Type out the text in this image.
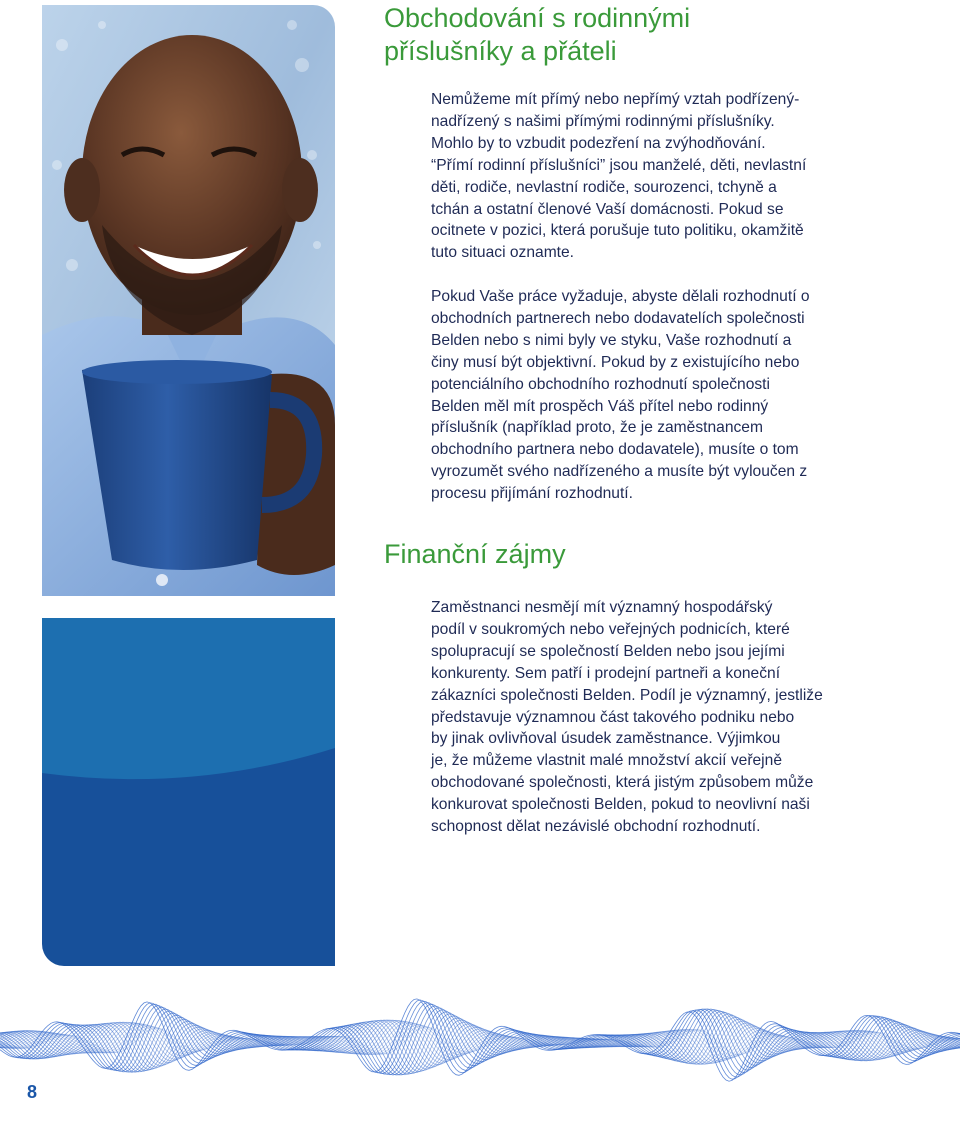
Obchodování s rodinnými
příslušníky a přáteli

Nemůžeme mít přímý nebo nepřímý vztah podřízený-
nadřízený s našimi přímými rodinnými příslušníky.
Mohlo by to vzbudit podezření na zvýhodňování.
“Přímí rodinní příslušníci” jsou manželé, děti, nevlastní
děti, rodiče, nevlastní rodiče, sourozenci, tchyně a
tchán a ostatní členové Vaší domácnosti. Pokud se
ocitnete v pozici, která porušuje tuto politiku, okamžitě
tuto situaci oznamte.

Pokud Vaše práce vyžaduje, abyste dělali rozhodnutí o
obchodních partnerech nebo dodavatelích společnosti
Belden nebo s nimi byly ve styku, Vaše rozhodnutí a
činy musí být objektivní. Pokud by z existujícího nebo
potenciálního obchodního rozhodnutí společnosti
Belden měl mít prospěch Váš přítel nebo rodinný
příslušník (například proto, že je zaměstnancem
obchodního partnera nebo dodavatele), musíte o tom
vyrozumět svého nadřízeného a musíte být vyloučen z
procesu přijímání rozhodnutí.

Finanční zájmy

Zaměstnanci nesmějí mít významný hospodářský
podíl v soukromých nebo veřejných podnicích, které
spolupracují se společností Belden nebo jsou jejími
konkurenty. Sem patří i prodejní partneři a koneční
zákazníci společnosti Belden. Podíl je významný, jestliže
představuje významnou část takového podniku nebo
by jinak ovlivňoval úsudek zaměstnance. Výjimkou
je, že můžeme vlastnit malé množství akcií veřejně
obchodované společnosti, která jistým způsobem může
konkurovat společnosti Belden, pokud to neovlivní naši
schopnost dělat nezávislé obchodní rozhodnutí.

8
